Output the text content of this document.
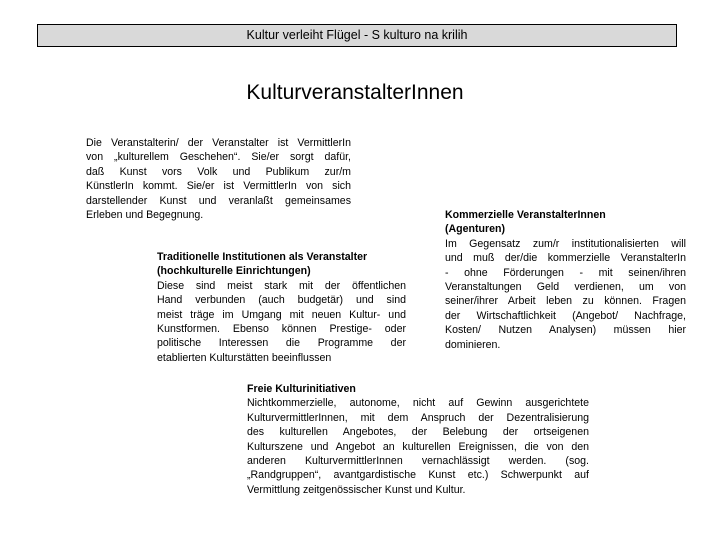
Kultur verleiht Flügel - S kulturo na krilih
KulturveranstalterInnen
Die Veranstalterin/ der Veranstalter ist VermittlerIn
von „kulturellem Geschehen“. Sie/er sorgt dafür,
daß Kunst vors Volk und Publikum zur/m
KünstlerIn kommt. Sie/er ist VermittlerIn von sich
darstellender Kunst und veranlaßt gemeinsames
Erleben und Begegnung.
Traditionelle Institutionen als Veranstalter
(hochkulturelle Einrichtungen)
Diese sind meist stark mit der öffentlichen
Hand verbunden (auch budgetär) und sind
meist träge im Umgang mit neuen Kultur- und
Kunstformen. Ebenso können Prestige- oder
politische Interessen die Programme der
etablierten Kulturstätten beeinflussen
Kommerzielle VeranstalterInnen
(Agenturen)
Im Gegensatz zum/r institutionalisierten will
und muß der/die kommerzielle VeranstalterIn
- ohne Förderungen - mit seinen/ihren
Veranstaltungen Geld verdienen, um von
seiner/ihrer Arbeit leben zu können. Fragen
der Wirtschaftlichkeit (Angebot/ Nachfrage,
Kosten/ Nutzen Analysen) müssen hier
dominieren.
Freie Kulturinitiativen
Nichtkommerzielle, autonome, nicht auf Gewinn ausgerichtete
KulturvermittlerInnen, mit dem Anspruch der Dezentralisierung
des kulturellen Angebotes, der Belebung der ortseigenen
Kulturszene und Angebot an kulturellen Ereignissen, die von den
anderen KulturvermittlerInnen vernachlässigt werden. (sog.
„Randgruppen“, avantgardistische Kunst etc.) Schwerpunkt auf
Vermittlung zeitgenössischer Kunst und Kultur.
